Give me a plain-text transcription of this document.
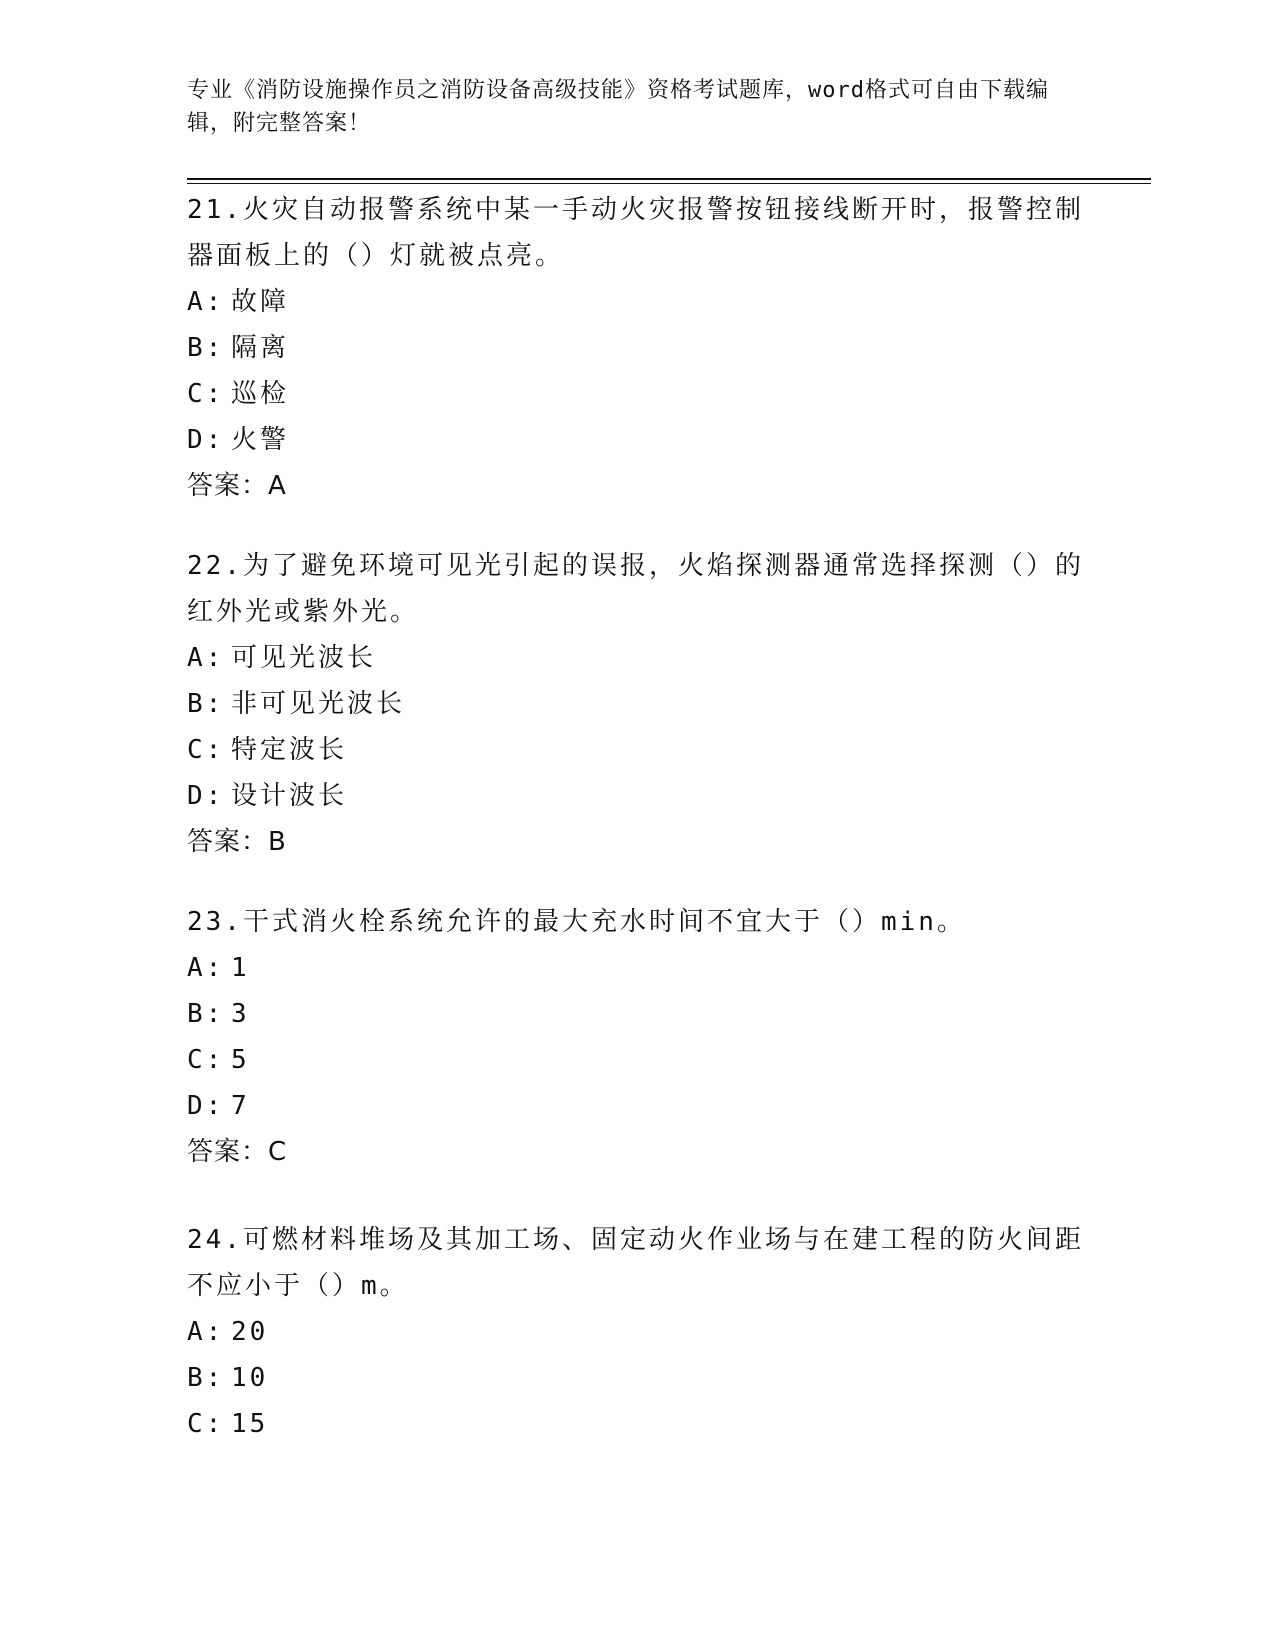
专业《消防设施操作员之消防设备高级技能》资格考试题库，word格式可自由下载编辑，附完整答案！

21.火灾自动报警系统中某一手动火灾报警按钮接线断开时，报警控制器面板上的（）灯就被点亮。

A: 故障

B: 隔离

C: 巡检

D: 火警

答案：A

22.为了避免环境可见光引起的误报，火焰探测器通常选择探测（）的红外光或紫外光。

A: 可见光波长

B: 非可见光波长

C: 特定波长

D: 设计波长

答案：B

23.干式消火栓系统允许的最大充水时间不宜大于（）min。

A: 1

B: 3

C: 5

D: 7

答案：C

24.可燃材料堆场及其加工场、固定动火作业场与在建工程的防火间距不应小于（）m。

A: 20

B: 10

C: 15
